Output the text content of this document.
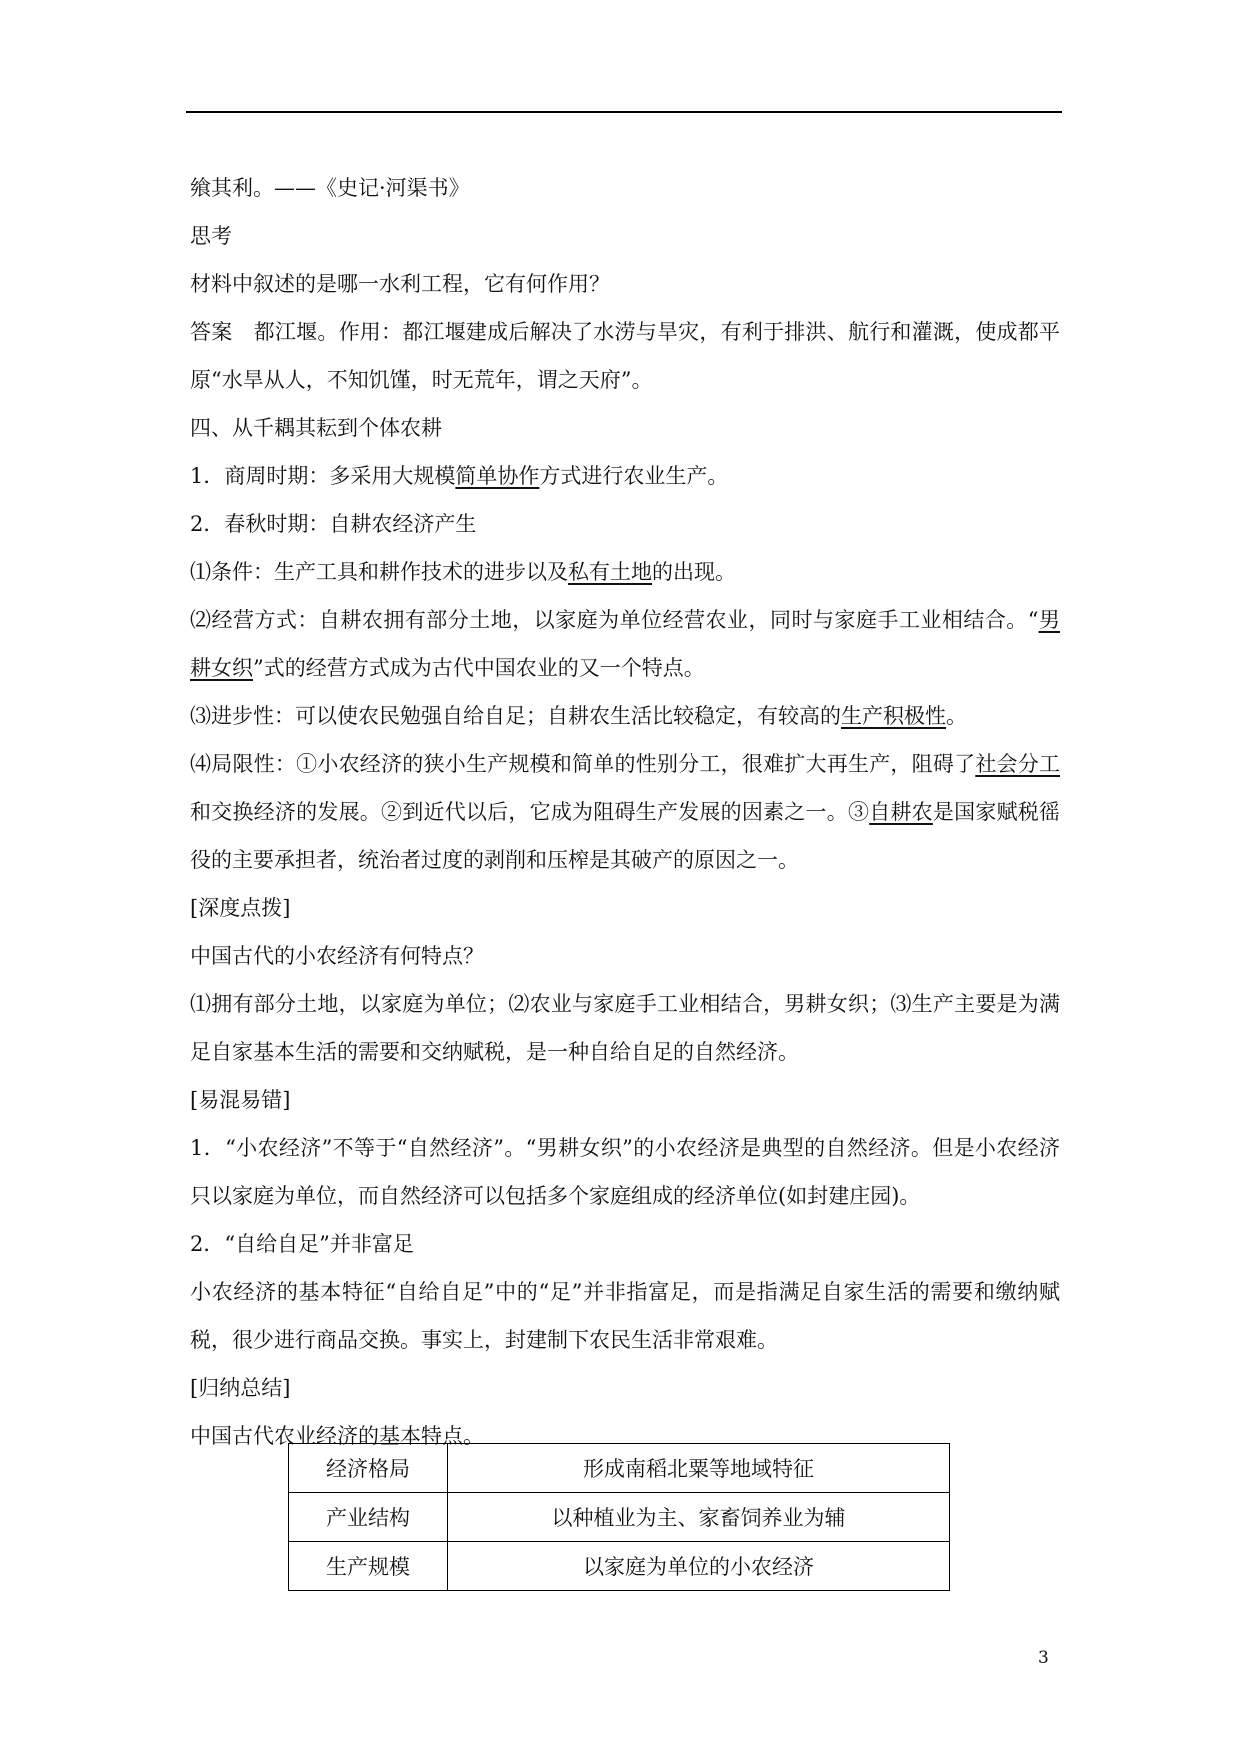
飨其利。——《史记·河渠书》

思考

材料中叙述的是哪一水利工程，它有何作用？

答案　都江堰。作用：都江堰建成后解决了水涝与旱灾，有利于排洪、航行和灌溉，使成都平原“水旱从人，不知饥馑，时无荒年，谓之天府”。

四、从千耦其耘到个体农耕

1．商周时期：多采用大规模简单协作方式进行农业生产。

2．春秋时期：自耕农经济产生

⑴条件：生产工具和耕作技术的进步以及私有土地的出现。

⑵经营方式：自耕农拥有部分土地，以家庭为单位经营农业，同时与家庭手工业相结合。“男耕女织”式的经营方式成为古代中国农业的又一个特点。

⑶进步性：可以使农民勉强自给自足；自耕农生活比较稳定，有较高的生产积极性。

⑷局限性：①小农经济的狭小生产规模和简单的性别分工，很难扩大再生产，阻碍了社会分工和交换经济的发展。②到近代以后，它成为阻碍生产发展的因素之一。③自耕农是国家赋税徭役的主要承担者，统治者过度的剥削和压榨是其破产的原因之一。

[深度点拨]

中国古代的小农经济有何特点？

⑴拥有部分土地，以家庭为单位；⑵农业与家庭手工业相结合，男耕女织；⑶生产主要是为满足自家基本生活的需要和交纳赋税，是一种自给自足的自然经济。

[易混易错]

1．“小农经济”不等于“自然经济”。“男耕女织”的小农经济是典型的自然经济。但是小农经济只以家庭为单位，而自然经济可以包括多个家庭组成的经济单位(如封建庄园)。

2．“自给自足”并非富足

小农经济的基本特征“自给自足”中的“足”并非指富足，而是指满足自家生活的需要和缴纳赋税，很少进行商品交换。事实上，封建制下农民生活非常艰难。

[归纳总结]

中国古代农业经济的基本特点。

经济格局	形成南稻北粟等地域特征
产业结构	以种植业为主、家畜饲养业为辅
生产规模	以家庭为单位的小农经济
3
